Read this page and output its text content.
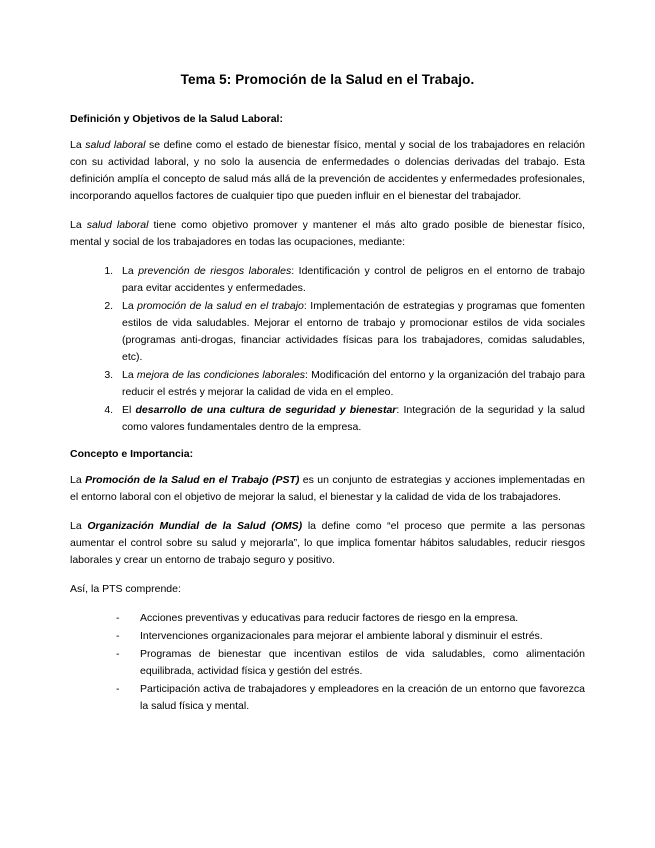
Tema 5: Promoción de la Salud en el Trabajo.
Definición y Objetivos de la Salud Laboral:

La salud laboral se define como el estado de bienestar físico, mental y social de los trabajadores en relación con su actividad laboral, y no solo la ausencia de enfermedades o dolencias derivadas del trabajo. Esta definición amplía el concepto de salud más allá de la prevención de accidentes y enfermedades profesionales, incorporando aquellos factores de cualquier tipo que pueden influir en el bienestar del trabajador.

La salud laboral tiene como objetivo promover y mantener el más alto grado posible de bienestar físico, mental y social de los trabajadores en todas las ocupaciones, mediante:

1. La prevención de riesgos laborales: Identificación y control de peligros en el entorno de trabajo para evitar accidentes y enfermedades.
2. La promoción de la salud en el trabajo: Implementación de estrategias y programas que fomenten estilos de vida saludables. Mejorar el entorno de trabajo y promocionar estilos de vida sociales (programas anti-drogas, financiar actividades físicas para los trabajadores, comidas saludables, etc).
3. La mejora de las condiciones laborales: Modificación del entorno y la organización del trabajo para reducir el estrés y mejorar la calidad de vida en el empleo.
4. El desarrollo de una cultura de seguridad y bienestar: Integración de la seguridad y la salud como valores fundamentales dentro de la empresa.
Concepto e Importancia:

La Promoción de la Salud en el Trabajo (PST) es un conjunto de estrategias y acciones implementadas en el entorno laboral con el objetivo de mejorar la salud, el bienestar y la calidad de vida de los trabajadores.

La Organización Mundial de la Salud (OMS) la define como “el proceso que permite a las personas aumentar el control sobre su salud y mejorarla”, lo que implica fomentar hábitos saludables, reducir riesgos laborales y crear un entorno de trabajo seguro y positivo.

Así, la PTS comprende:

- Acciones preventivas y educativas para reducir factores de riesgo en la empresa.
- Intervenciones organizacionales para mejorar el ambiente laboral y disminuir el estrés.
- Programas de bienestar que incentivan estilos de vida saludables, como alimentación equilibrada, actividad física y gestión del estrés.
- Participación activa de trabajadores y empleadores en la creación de un entorno que favorezca la salud física y mental.
